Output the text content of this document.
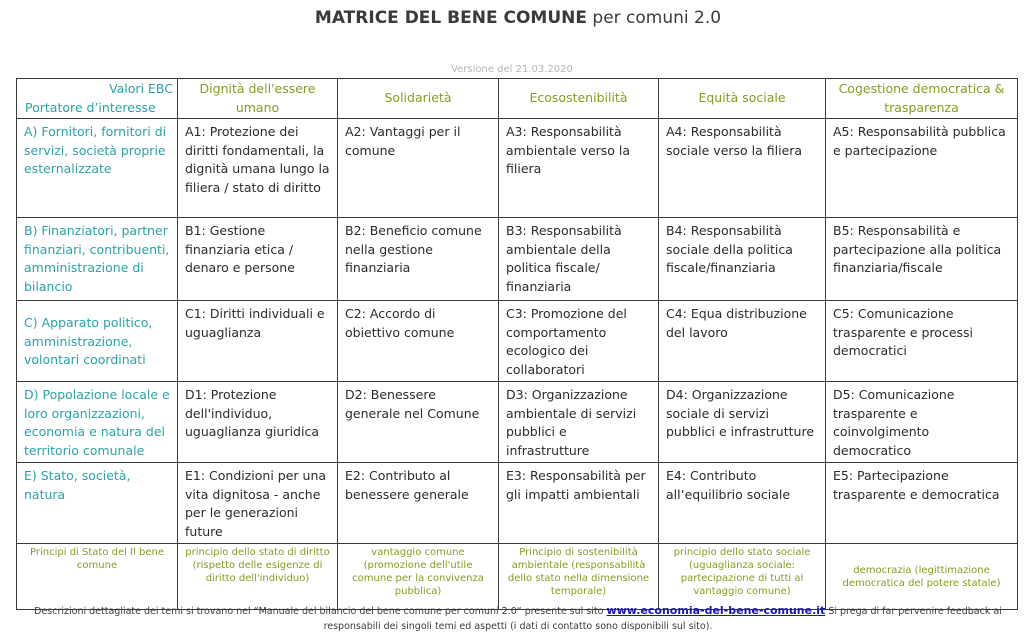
MATRICE DEL BENE COMUNE per comuni 2.0
Versione del 21.03.2020
Valori EBC
Portatore d’interesse	Dignità dell'essere umano	Solidarietà	Ecosostenibilità	Equità sociale	Cogestione democratica & trasparenza
A) Fornitori, fornitori di servizi, società proprie esternalizzate	A1: Protezione dei diritti fondamentali, la dignità umana lungo la filiera / stato di diritto	A2: Vantaggi per il comune	A3: Responsabilità ambientale verso la filiera	A4: Responsabilità sociale verso la filiera	A5: Responsabilità pubblica e partecipazione
B) Finanziatori, partner finanziari, contribuenti, amministrazione di bilancio	B1: Gestione finanziaria etica / denaro e persone	B2: Beneficio comune nella gestione finanziaria	B3: Responsabilità ambientale della politica fiscale/ finanziaria	B4: Responsabilità sociale della politica fiscale/finanziaria	B5: Responsabilità e partecipazione alla politica finanziaria/fiscale
C) Apparato politico, amministrazione, volontari coordinati	C1: Diritti individuali e uguaglianza	C2: Accordo di obiettivo comune	C3: Promozione del comportamento ecologico dei collaboratori	C4: Equa distribuzione del lavoro	C5: Comunicazione trasparente e processi democratici
D) Popolazione locale e loro organizzazioni, economia e natura del territorio comunale	D1: Protezione dell'individuo, uguaglianza giuridica	D2: Benessere generale nel Comune	D3: Organizzazione ambientale di servizi pubblici e infrastrutture	D4: Organizzazione sociale di servizi pubblici e infrastrutture	D5: Comunicazione trasparente e coinvolgimento democratico
E) Stato, società, natura	E1: Condizioni per una vita dignitosa - anche per le generazioni future	E2: Contributo al benessere generale	E3: Responsabilità per gli impatti ambientali	E4: Contributo all’equilibrio sociale	E5: Partecipazione trasparente e democratica
Principi di Stato del Il bene comune	principio dello stato di diritto (rispetto delle esigenze di diritto dell'individuo)	vantaggio comune (promozione dell'utile comune per la convivenza pubblica)	Principio di sostenibilità ambientale (responsabilità dello stato nella dimensione temporale)	principio dello stato sociale (uguaglianza sociale: partecipazione di tutti al vantaggio comune)	democrazia (legittimazione democratica del potere statale)
Descrizioni dettagliate dei temi si trovano nel “Manuale del bilancio del bene comune per comuni 2.0“ presente sul sito www.economia-del-bene-comune.it Si prega di far pervenire feedback ai responsabili dei singoli temi ed aspetti (i dati di contatto sono disponibili sul sito).
